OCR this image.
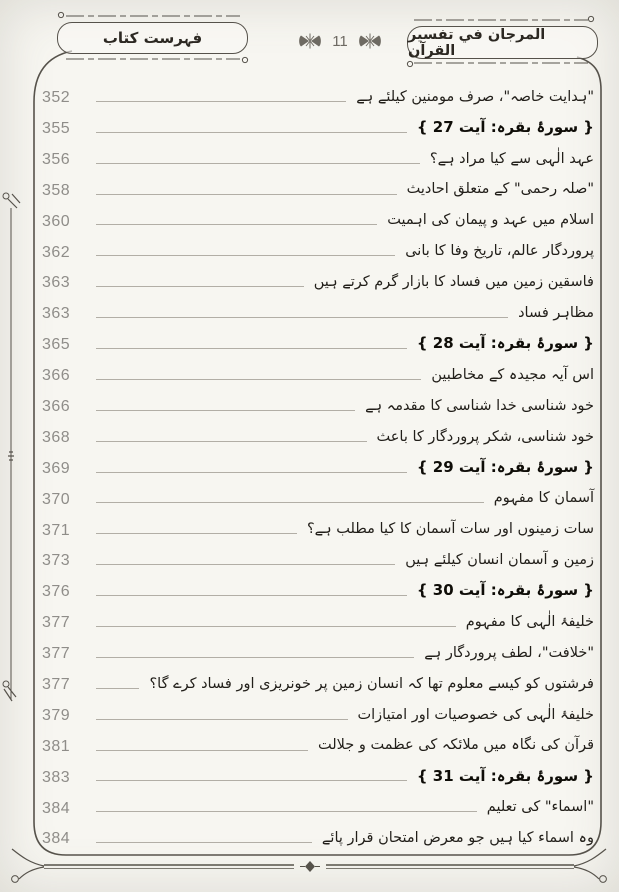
المرجان في تفسير القرآن
فہرست کتاب	11
352	"ہدایت خاصہ"، صرف مومنین کیلئے ہے
355	{ سورۂ بقرہ: آیت 27 }
356	عہد الٰہی سے کیا مراد ہے؟
358	"صلہ رحمی" کے متعلق احادیث
360	اسلام میں عہد و پیمان کی اہمیت
362	پروردگار عالم، تاریخ وفا کا بانی
363	فاسقین زمین میں فساد کا بازار گرم کرتے ہیں
363	مظاہر فساد
365	{ سورۂ بقرہ: آیت 28 }
366	اس آیہ مجیدہ کے مخاطبین
366	خود شناسی خدا شناسی کا مقدمہ ہے
368	خود شناسی، شکر پروردگار کا باعث
369	{ سورۂ بقرہ: آیت 29 }
370	آسمان کا مفہوم
371	سات زمینوں اور سات آسمان کا کیا مطلب ہے؟
373	زمین و آسمان انسان کیلئے ہیں
376	{ سورۂ بقرہ: آیت 30 }
377	خلیفۂ الٰہی کا مفہوم
377	"خلافت"، لطف پروردگار ہے
377	فرشتوں کو کیسے معلوم تھا کہ انسان زمین پر خونریزی اور فساد کرے گا؟
379	خلیفۂ الٰہی کی خصوصیات اور امتیازات
381	قرآن کی نگاہ میں ملائکہ کی عظمت و جلالت
383	{ سورۂ بقرہ: آیت 31 }
384	"اسماء" کی تعلیم
384	وہ اسماء کیا ہیں جو معرض امتحان قرار پائے
